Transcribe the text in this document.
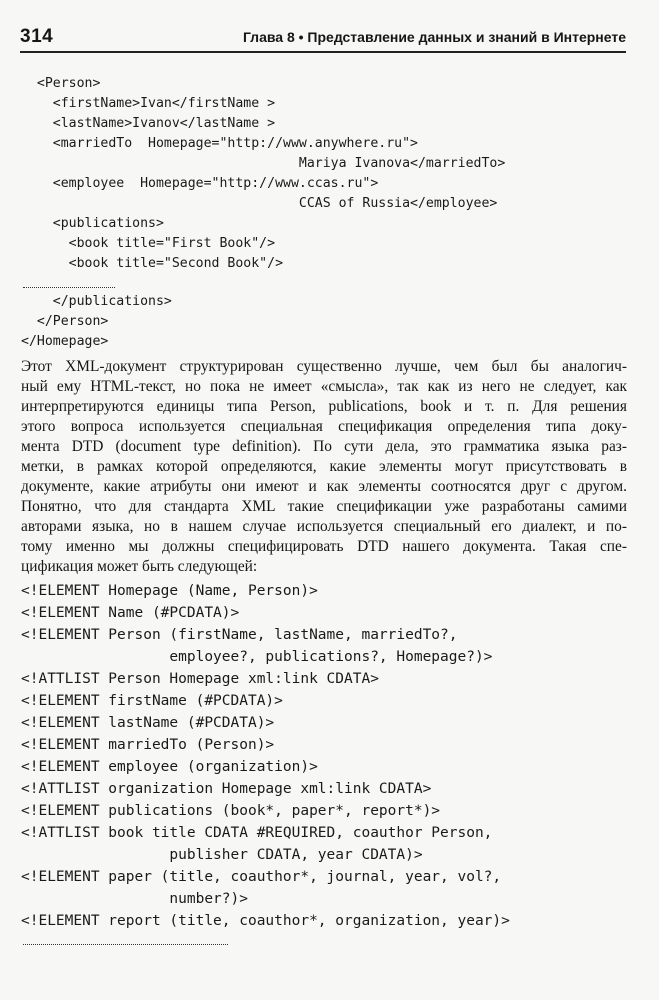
314	Глава 8 • Представление данных и знаний в Интернете

<Person>

<firstName>Ivan</firstName >

<lastName>Ivanov</lastName >

<marriedTo  Homepage="http://www.anywhere.ru">

Mariya Ivanova</marriedTo>

<employee  Homepage="http://www.ccas.ru">

CCAS of Russia</employee>

<publications>

<book title="First Book"/>

<book title="Second Book"/>

</publications>

</Person>

</Homepage>

Этот XML-документ структурирован существенно лучше, чем был бы аналогич-
ный ему HTML-текст, но пока не имеет «смысла», так как из него не следует, как
интерпретируются единицы типа Person, publications, book и т. п. Для решения
этого вопроса используется специальная спецификация определения типа доку-
мента DTD (document type definition). По сути дела, это грамматика языка раз-
метки, в рамках которой определяются, какие элементы могут присутствовать в
документе, какие атрибуты они имеют и как элементы соотносятся друг с другом.
Понятно, что для стандарта XML такие спецификации уже разработаны самими
авторами языка, но в нашем случае используется специальный его диалект, и по-
тому именно мы должны специфицировать DTD нашего документа. Такая спе-
цификация может быть следующей:

<!ELEMENT Homepage (Name, Person)>

<!ELEMENT Name (#PCDATA)>

<!ELEMENT Person (firstName, lastName, marriedTo?,

employee?, publications?, Homepage?)>

<!ATTLIST Person Homepage xml:link CDATA>

<!ELEMENT firstName (#PCDATA)>

<!ELEMENT lastName (#PCDATA)>

<!ELEMENT marriedTo (Person)>

<!ELEMENT employee (organization)>

<!ATTLIST organization Homepage xml:link CDATA>

<!ELEMENT publications (book*, paper*, report*)>

<!ATTLIST book title CDATA #REQUIRED, coauthor Person,

publisher CDATA, year CDATA)>

<!ELEMENT paper (title, coauthor*, journal, year, vol?,

number?)>

<!ELEMENT report (title, coauthor*, organization, year)>
